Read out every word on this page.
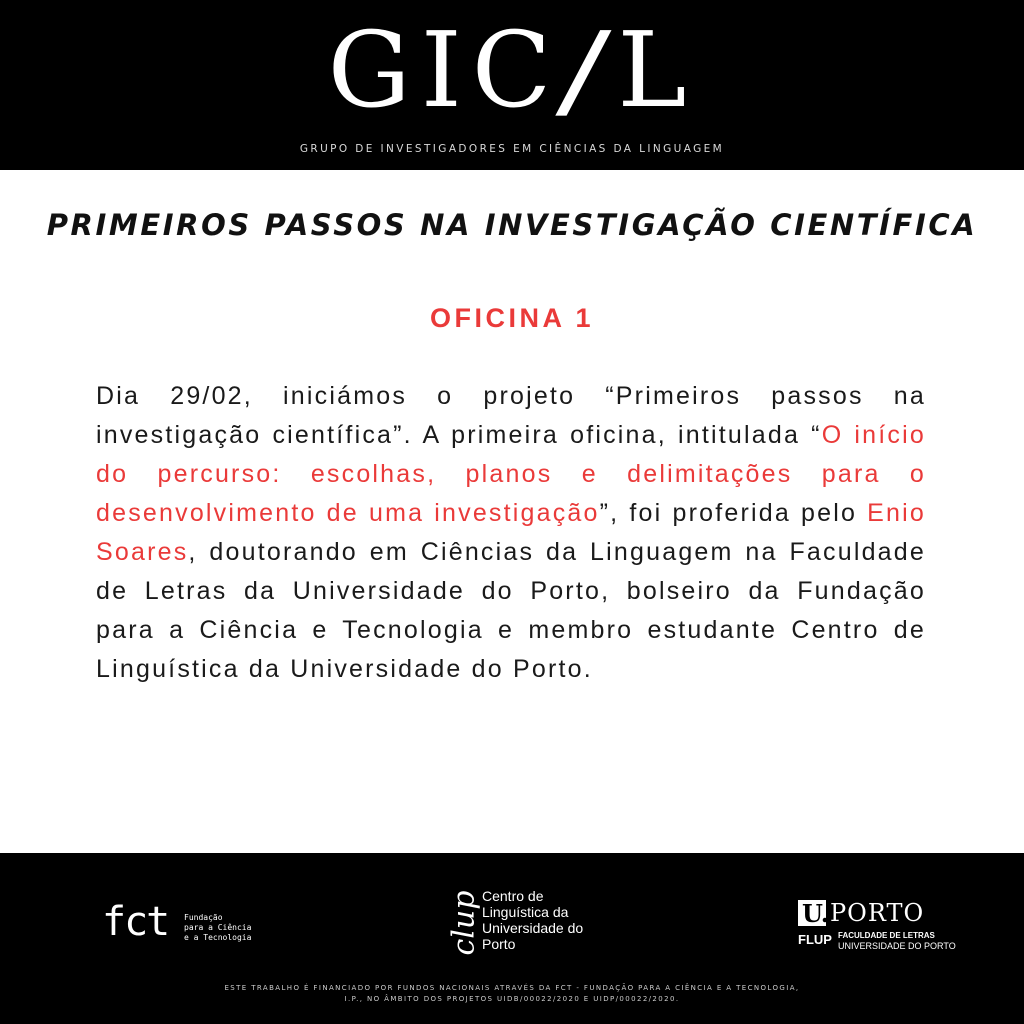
GIC/L
GRUPO DE INVESTIGADORES EM CIÊNCIAS DA LINGUAGEM
PRIMEIROS PASSOS NA INVESTIGAÇÃO CIENTÍFICA
OFICINA 1
Dia 29/02, iniciámos o projeto “Primeiros passos na investigação científica”. A primeira oficina, intitulada “O início do percurso: escolhas, planos e delimitações para o desenvolvimento de uma investigação”, foi proferida pelo Enio Soares, doutorando em Ciências da Linguagem na Faculdade de Letras da Universidade do Porto, bolseiro da Fundação para a Ciência e Tecnologia e membro estudante Centro de Linguística da Universidade do Porto.
fct Fundação
para a Ciência
e a Tecnologia	clup Centro de
Linguística da
Universidade do
Porto
U. PORTO
FLUP FACULDADE DE LETRAS
UNIVERSIDADE DO PORTO
ESTE TRABALHO É FINANCIADO POR FUNDOS NACIONAIS ATRAVÉS DA FCT - FUNDAÇÃO PARA A CIÊNCIA E A TECNOLOGIA, I.P., NO ÂMBITO DOS PROJETOS UIDB/00022/2020 E UIDP/00022/2020.
